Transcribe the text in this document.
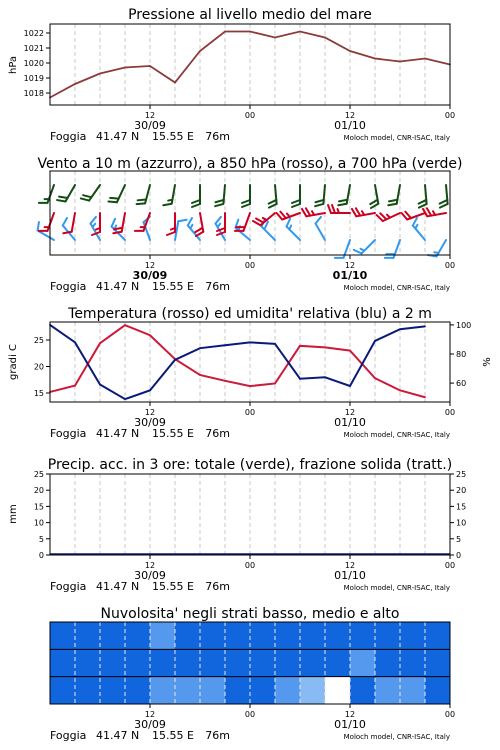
Pressione al livello medio del mare
hPa
1018
1019
1020
1021
1022
12	00	12	00
30/09	01/10
Foggia 41.47 N 15.55 E 76m	Moloch model, CNR-ISAC, Italy
Vento a 10 m (azzurro), a 850 hPa (rosso), a 700 hPa (verde)
12	00	12	00
30/09	01/10
Foggia 41.47 N 15.55 E 76m	Moloch model, CNR-ISAC, Italy
Temperatura (rosso) ed umidita' relativa (blu) a 2 m
gradi C	%
15
20
25
60
80
100
12	00	12	00
30/09	01/10
Foggia 41.47 N 15.55 E 76m	Moloch model, CNR-ISAC, Italy
Precip. acc. in 3 ore: totale (verde), frazione solida (tratt.)
mm
0
5
10
15
20
25
0
5
10
15
20
25
12	00	12	00
30/09	01/10
Foggia 41.47 N 15.55 E 76m	Moloch model, CNR-ISAC, Italy
Nuvolosita' negli strati basso, medio e alto
12	00	12	00
30/09	01/10
Foggia 41.47 N 15.55 E 76m	Moloch model, CNR-ISAC, Italy
